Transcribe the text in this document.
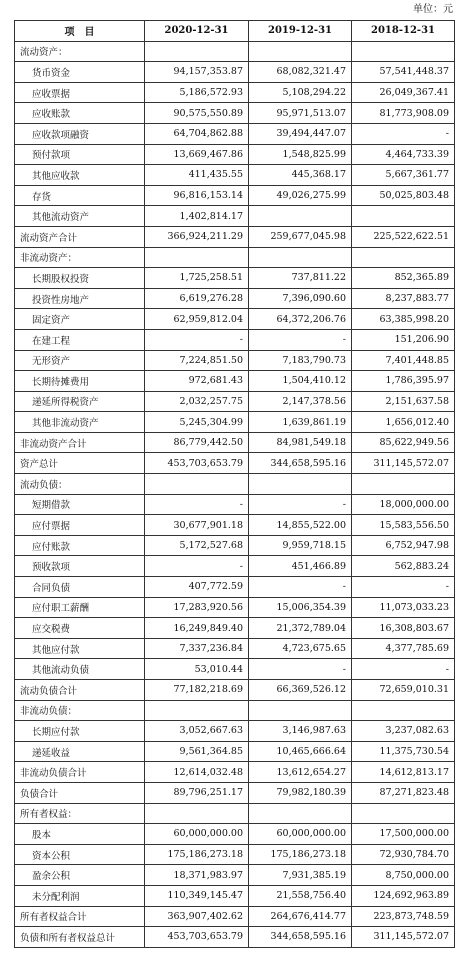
单位：元
项　目	2020-12-31	2019-12-31	2018-12-31
流动资产：			
货币资金	94,157,353.87	68,082,321.47	57,541,448.37
应收票据	5,186,572.93	5,108,294.22	26,049,367.41
应收账款	90,575,550.89	95,971,513.07	81,773,908.09
应收款项融资	64,704,862.88	39,494,447.07	-
预付款项	13,669,467.86	1,548,825.99	4,464,733.39
其他应收款	411,435.55	445,368.17	5,667,361.77
存货	96,816,153.14	49,026,275.99	50,025,803.48
其他流动资产	1,402,814.17		
流动资产合计	366,924,211.29	259,677,045.98	225,522,622.51
非流动资产：			
长期股权投资	1,725,258.51	737,811.22	852,365.89
投资性房地产	6,619,276.28	7,396,090.60	8,237,883.77
固定资产	62,959,812.04	64,372,206.76	63,385,998.20
在建工程	-	-	151,206.90
无形资产	7,224,851.50	7,183,790.73	7,401,448.85
长期待摊费用	972,681.43	1,504,410.12	1,786,395.97
递延所得税资产	2,032,257.75	2,147,378.56	2,151,637.58
其他非流动资产	5,245,304.99	1,639,861.19	1,656,012.40
非流动资产合计	86,779,442.50	84,981,549.18	85,622,949.56
资产总计	453,703,653.79	344,658,595.16	311,145,572.07
流动负债：			
短期借款	-	-	18,000,000.00
应付票据	30,677,901.18	14,855,522.00	15,583,556.50
应付账款	5,172,527.68	9,959,718.15	6,752,947.98
预收款项	-	451,466.89	562,883.24
合同负债	407,772.59	-	-
应付职工薪酬	17,283,920.56	15,006,354.39	11,073,033.23
应交税费	16,249,849.40	21,372,789.04	16,308,803.67
其他应付款	7,337,236.84	4,723,675.65	4,377,785.69
其他流动负债	53,010.44	-	-
流动负债合计	77,182,218.69	66,369,526.12	72,659,010.31
非流动负债：			
长期应付款	3,052,667.63	3,146,987.63	3,237,082.63
递延收益	9,561,364.85	10,465,666.64	11,375,730.54
非流动负债合计	12,614,032.48	13,612,654.27	14,612,813.17
负债合计	89,796,251.17	79,982,180.39	87,271,823.48
所有者权益：			
股本	60,000,000.00	60,000,000.00	17,500,000.00
资本公积	175,186,273.18	175,186,273.18	72,930,784.70
盈余公积	18,371,983.97	7,931,385.19	8,750,000.00
未分配利润	110,349,145.47	21,558,756.40	124,692,963.89
所有者权益合计	363,907,402.62	264,676,414.77	223,873,748.59
负债和所有者权益总计	453,703,653.79	344,658,595.16	311,145,572.07
